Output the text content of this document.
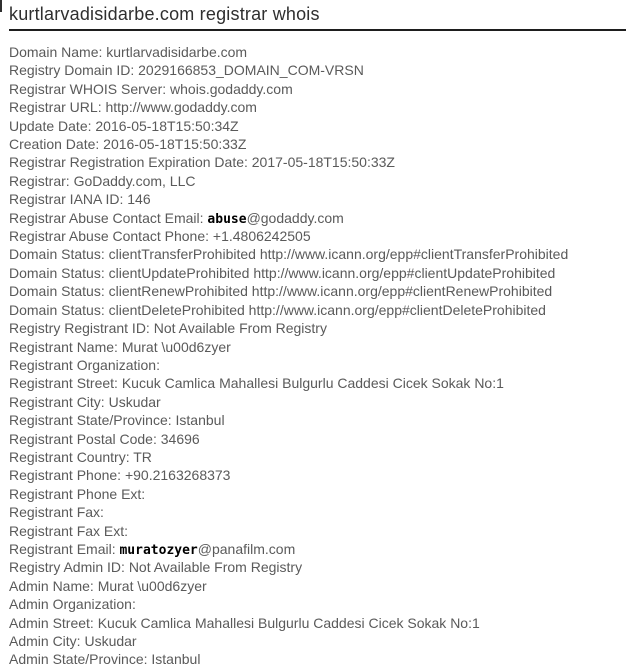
kurtlarvadisidarbe.com registrar whois
Domain Name: kurtlarvadisidarbe.com
Registry Domain ID: 2029166853_DOMAIN_COM-VRSN
Registrar WHOIS Server: whois.godaddy.com
Registrar URL: http://www.godaddy.com
Update Date: 2016-05-18T15:50:34Z
Creation Date: 2016-05-18T15:50:33Z
Registrar Registration Expiration Date: 2017-05-18T15:50:33Z
Registrar: GoDaddy.com, LLC
Registrar IANA ID: 146
Registrar Abuse Contact Email: abuse@godaddy.com
Registrar Abuse Contact Phone: +1.4806242505
Domain Status: clientTransferProhibited http://www.icann.org/epp#clientTransferProhibited
Domain Status: clientUpdateProhibited http://www.icann.org/epp#clientUpdateProhibited
Domain Status: clientRenewProhibited http://www.icann.org/epp#clientRenewProhibited
Domain Status: clientDeleteProhibited http://www.icann.org/epp#clientDeleteProhibited
Registry Registrant ID: Not Available From Registry
Registrant Name: Murat \u00d6zyer
Registrant Organization:
Registrant Street: Kucuk Camlica Mahallesi Bulgurlu Caddesi Cicek Sokak No:1
Registrant City: Uskudar
Registrant State/Province: Istanbul
Registrant Postal Code: 34696
Registrant Country: TR
Registrant Phone: +90.2163268373
Registrant Phone Ext:
Registrant Fax:
Registrant Fax Ext:
Registrant Email: muratozyer@panafilm.com
Registry Admin ID: Not Available From Registry
Admin Name: Murat \u00d6zyer
Admin Organization:
Admin Street: Kucuk Camlica Mahallesi Bulgurlu Caddesi Cicek Sokak No:1
Admin City: Uskudar
Admin State/Province: Istanbul
